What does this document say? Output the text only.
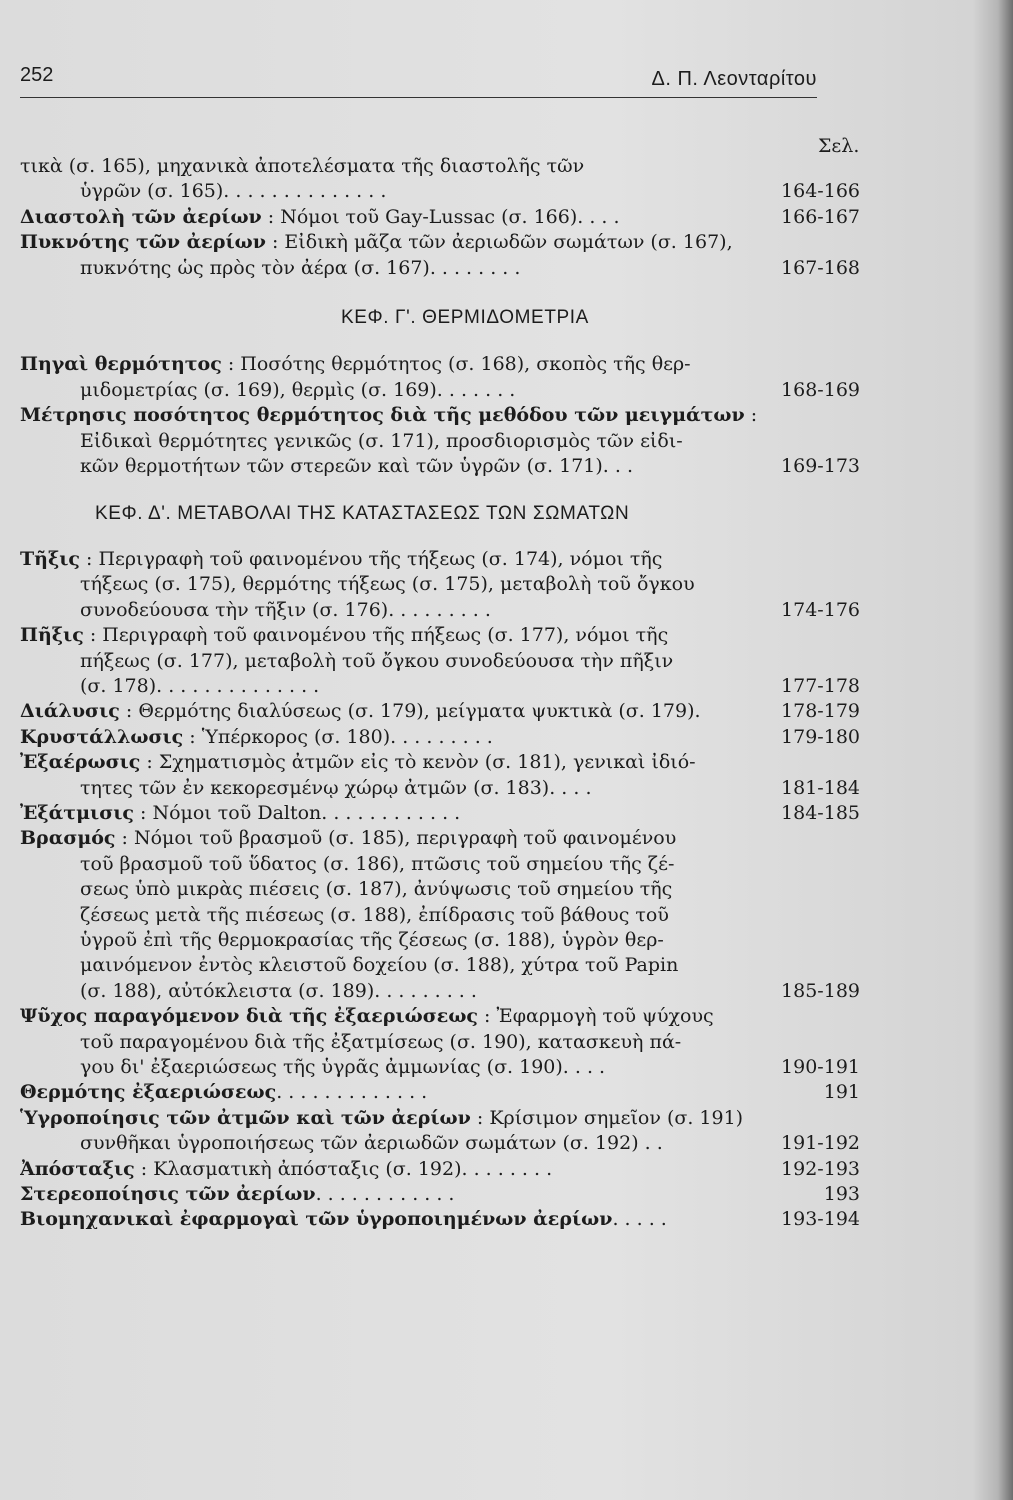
252	Δ. Π. Λεονταρίτου
Σελ.
τικὰ (σ. 165), μηχανικὰ ἀποτελέσματα τῆς διαστολῆς τῶν
ὑγρῶν (σ. 165). . . . . . . . . . . . . .	164-166
Διαστολὴ τῶν ἀερίων : Νόμοι τοῦ Gay-Lussac (σ. 166). . . .	166-167
Πυκνότης τῶν ἀερίων : Εἰδικὴ μᾶζα τῶν ἀεριωδῶν σωμάτων (σ. 167),
πυκνότης ὡς πρὸς τὸν ἀέρα (σ. 167). . . . . . . .	167-168
ΚΕΦ. Γ'. ΘΕΡΜΙΔΟΜΕΤΡΙΑ
Πηγαὶ θερμότητος : Ποσότης θερμότητος (σ. 168), σκοπὸς τῆς θερ-
μιδομετρίας (σ. 169), θερμὶς (σ. 169). . . . . . .	168-169
Μέτρησις ποσότητος θερμότητος διὰ τῆς μεθόδου τῶν μειγμάτων :
Εἰδικαὶ θερμότητες γενικῶς (σ. 171), προσδιορισμὸς τῶν εἰδι-
κῶν θερμοτήτων τῶν στερεῶν καὶ τῶν ὑγρῶν (σ. 171). . .	169-173
ΚΕΦ. Δ'. ΜΕΤΑΒΟΛΑΙ ΤΗΣ ΚΑΤΑΣΤΑΣΕΩΣ ΤΩΝ ΣΩΜΑΤΩΝ
Τῆξις : Περιγραφὴ τοῦ φαινομένου τῆς τήξεως (σ. 174), νόμοι τῆς
τήξεως (σ. 175), θερμότης τήξεως (σ. 175), μεταβολὴ τοῦ ὄγκου
συνοδεύουσα τὴν τῆξιν (σ. 176). . . . . . . . .	174-176
Πῆξις : Περιγραφὴ τοῦ φαινομένου τῆς πήξεως (σ. 177), νόμοι τῆς
πήξεως (σ. 177), μεταβολὴ τοῦ ὄγκου συνοδεύουσα τὴν πῆξιν
(σ. 178). . . . . . . . . . . . . .	177-178
Διάλυσις : Θερμότης διαλύσεως (σ. 179), μείγματα ψυκτικὰ (σ. 179).	178-179
Κρυστάλλωσις : Ὑπέρκορος (σ. 180). . . . . . . . .	179-180
Ἐξαέρωσις : Σχηματισμὸς ἀτμῶν εἰς τὸ κενὸν (σ. 181), γενικαὶ ἰδιό-
τητες τῶν ἐν κεκορεσμένῳ χώρῳ ἀτμῶν (σ. 183). . . .	181-184
Ἐξάτμισις : Νόμοι τοῦ Dalton. . . . . . . . . . . .	184-185
Βρασμός : Νόμοι τοῦ βρασμοῦ (σ. 185), περιγραφὴ τοῦ φαινομένου
τοῦ βρασμοῦ τοῦ ὕδατος (σ. 186), πτῶσις τοῦ σημείου τῆς ζέ-
σεως ὑπὸ μικρὰς πιέσεις (σ. 187), ἀνύψωσις τοῦ σημείου τῆς
ζέσεως μετὰ τῆς πιέσεως (σ. 188), ἐπίδρασις τοῦ βάθους τοῦ
ὑγροῦ ἐπὶ τῆς θερμοκρασίας τῆς ζέσεως (σ. 188), ὑγρὸν θερ-
μαινόμενον ἐντὸς κλειστοῦ δοχείου (σ. 188), χύτρα τοῦ Papin
(σ. 188), αὐτόκλειστα (σ. 189). . . . . . . . .	185-189
Ψῦχος παραγόμενον διὰ τῆς ἐξαεριώσεως : Ἐφαρμογὴ τοῦ ψύχους
τοῦ παραγομένου διὰ τῆς ἐξατμίσεως (σ. 190), κατασκευὴ πά-
γου δι' ἐξαεριώσεως τῆς ὑγρᾶς ἀμμωνίας (σ. 190). . . .	190-191
Θερμότης ἐξαεριώσεως. . . . . . . . . . . . .	191
Ὑγροποίησις τῶν ἀτμῶν καὶ τῶν ἀερίων : Κρίσιμον σημεῖον (σ. 191)
συνθῆκαι ὑγροποιήσεως τῶν ἀεριωδῶν σωμάτων (σ. 192) . .	191-192
Ἀπόσταξις : Κλασματικὴ ἀπόσταξις (σ. 192). . . . . . . .	192-193
Στερεοποίησις τῶν ἀερίων. . . . . . . . . . . .	193
Βιομηχανικαὶ ἐφαρμογαὶ τῶν ὑγροποιημένων ἀερίων. . . . .	193-194
